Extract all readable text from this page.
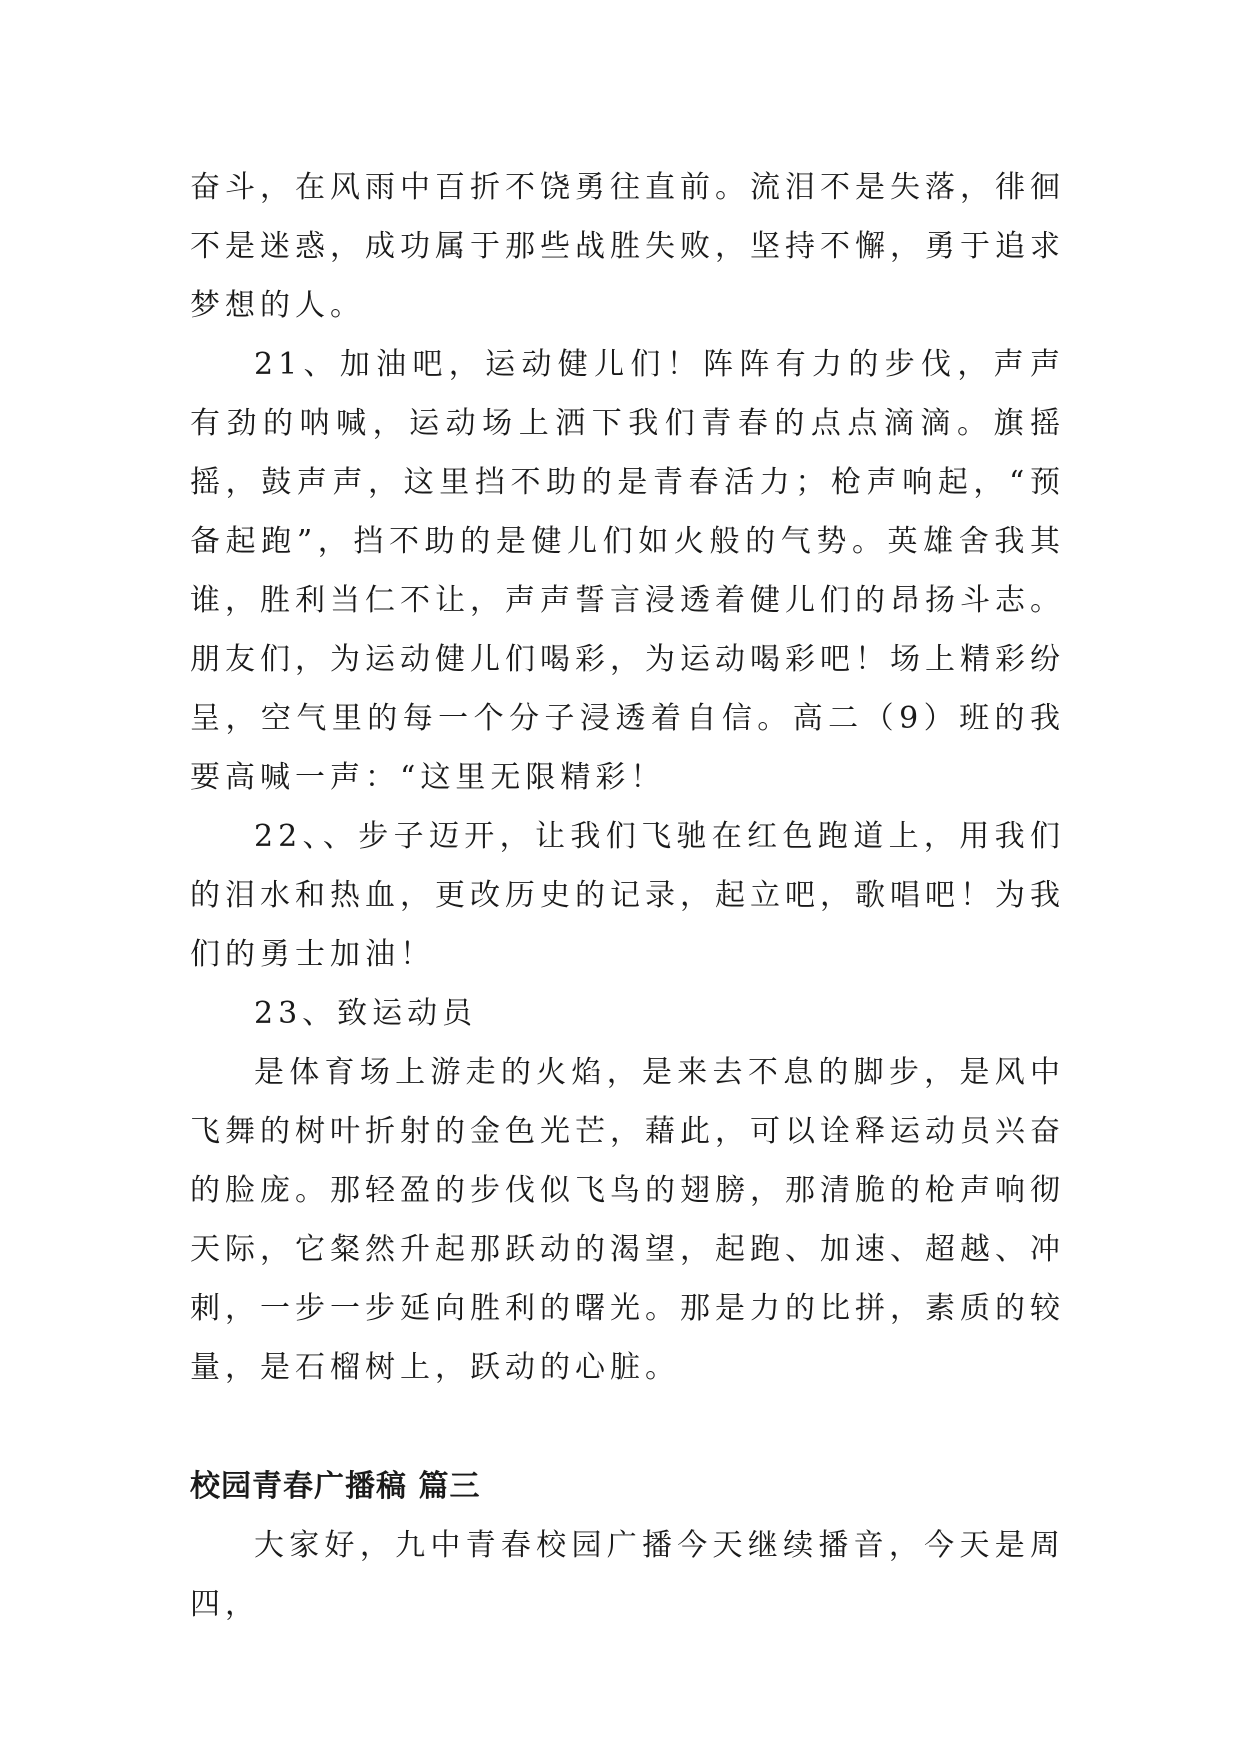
奋斗，在风雨中百折不饶勇往直前。流泪不是失落，徘徊不是迷惑，成功属于那些战胜失败，坚持不懈，勇于追求梦想的人。

21、加油吧，运动健儿们！阵阵有力的步伐，声声有劲的呐喊，运动场上洒下我们青春的点点滴滴。旗摇摇，鼓声声，这里挡不助的是青春活力；枪声响起，“预备起跑”，挡不助的是健儿们如火般的气势。英雄舍我其谁，胜利当仁不让，声声誓言浸透着健儿们的昂扬斗志。朋友们，为运动健儿们喝彩，为运动喝彩吧！场上精彩纷呈，空气里的每一个分子浸透着自信。高二（9）班的我要高喊一声：“这里无限精彩！

22、、步子迈开，让我们飞驰在红色跑道上，用我们的泪水和热血，更改历史的记录，起立吧，歌唱吧！为我们的勇士加油！

23、致运动员

是体育场上游走的火焰，是来去不息的脚步，是风中飞舞的树叶折射的金色光芒，藉此，可以诠释运动员兴奋的脸庞。那轻盈的步伐似飞鸟的翅膀，那清脆的枪声响彻天际，它粲然升起那跃动的渴望，起跑、加速、超越、冲刺，一步一步延向胜利的曙光。那是力的比拼，素质的较量，是石榴树上，跃动的心脏。

校园青春广播稿 篇三

大家好，九中青春校园广播今天继续播音，今天是周四，
